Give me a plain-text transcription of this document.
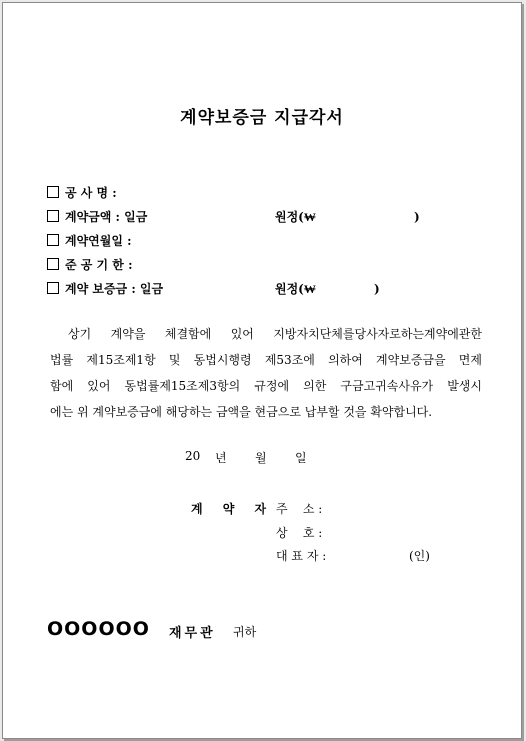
계약보증금 지급각서
공 사 명 :
계약금액 : 일금	원정(₩	)
계약연월일 :
준 공 기 한 :
계약 보증금 : 일금	원정(₩	)
상기 계약을 체결함에 있어 지방자치단체를당사자로하는계약에관한
법률 제15조제1항 및 동법시행령 제53조에 의하여 계약보증금을 면제
함에 있어 동법률제15조제3항의 규정에 의한 구금고귀속사유가 발생시
에는 위 계약보증금에 해당하는 금액을 현금으로 납부할 것을 확약합니다.
20 년 월 일
계 약 자 주    소 :
상    호 :
대 표 자 :	(인)
OOOOOO 재무관 귀하
